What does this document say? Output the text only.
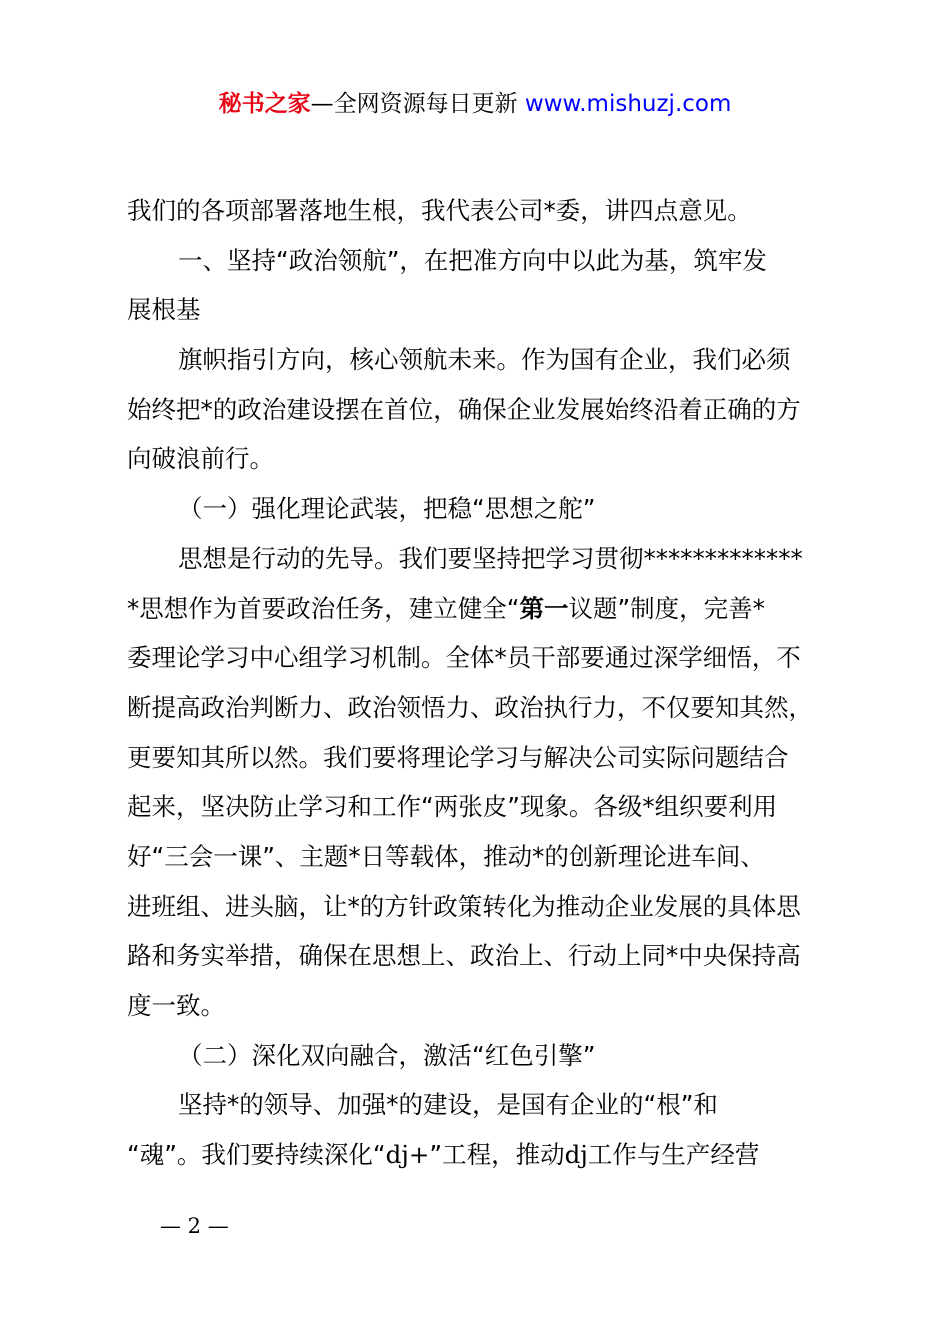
秘书之家—全网资源每日更新 www.mishuzj.com
我们的各项部署落地生根，我代表公司*委，讲四点意见。
一、坚持“政治领航”，在把准方向中以此为基，筑牢发
展根基
旗帜指引方向，核心领航未来。作为国有企业，我们必须
始终把*的政治建设摆在首位，确保企业发展始终沿着正确的方
向破浪前行。
（一）强化理论武装，把稳“思想之舵”
思想是行动的先导。我们要坚持把学习贯彻*************
*思想作为首要政治任务，建立健全“第一议题”制度，完善*
委理论学习中心组学习机制。全体*员干部要通过深学细悟，不
断提高政治判断力、政治领悟力、政治执行力，不仅要知其然，
更要知其所以然。我们要将理论学习与解决公司实际问题结合
起来，坚决防止学习和工作“两张皮”现象。各级*组织要利用
好“三会一课”、主题*日等载体，推动*的创新理论进车间、
进班组、进头脑，让*的方针政策转化为推动企业发展的具体思
路和务实举措，确保在思想上、政治上、行动上同*中央保持高
度一致。
（二）深化双向融合，激活“红色引擎”
坚持*的领导、加强*的建设，是国有企业的“根”和
“魂”。我们要持续深化“dj+”工程，推动dj工作与生产经营
— 2 —
